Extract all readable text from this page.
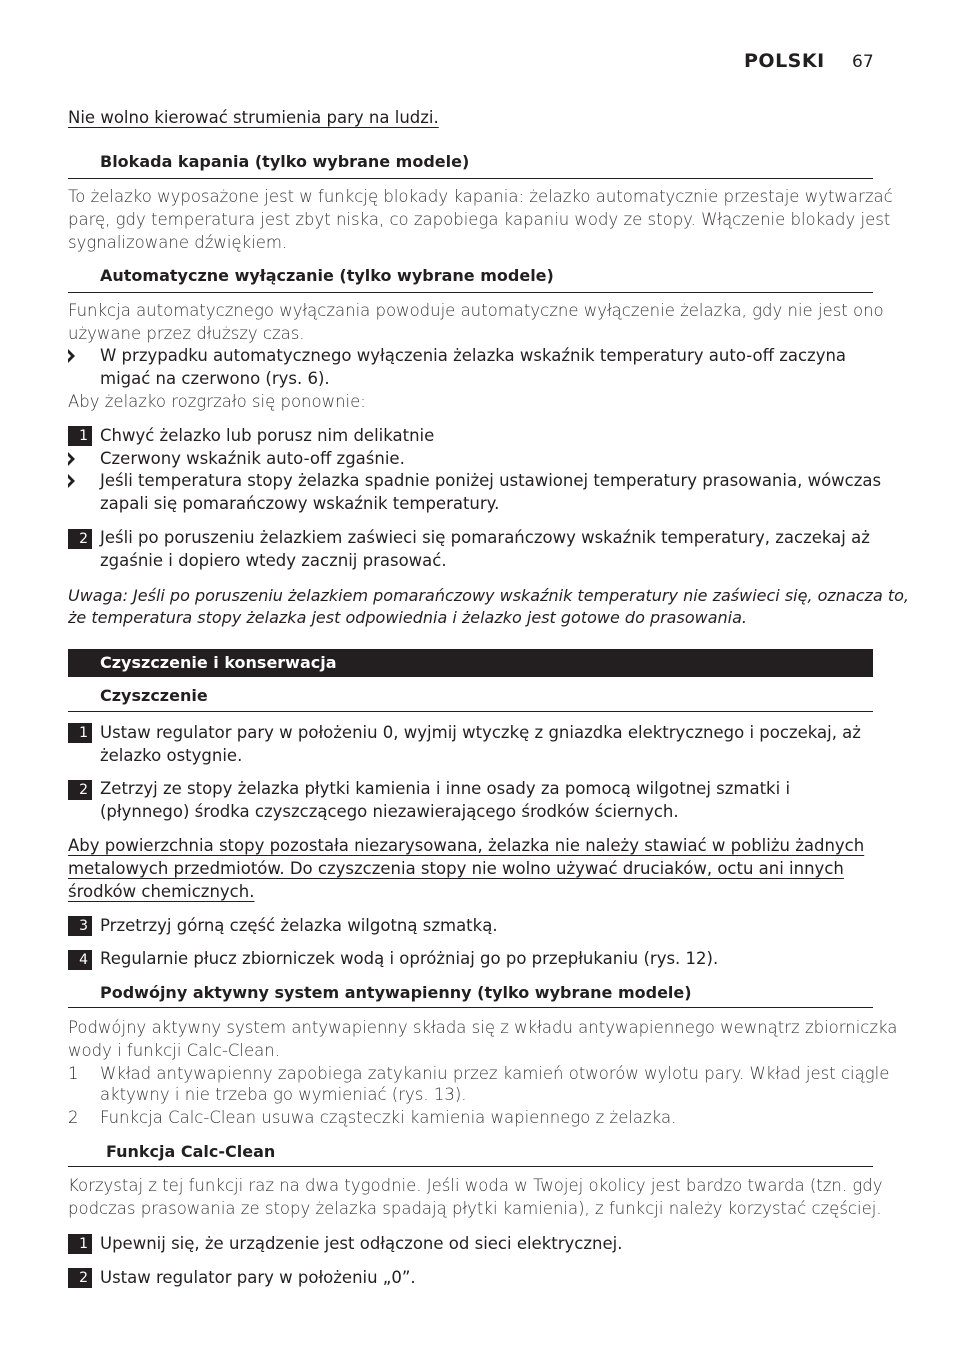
POLSKI 67
Nie wolno kierować strumienia pary na ludzi.
Blokada kapania (tylko wybrane modele)
To żelazko wyposażone jest w funkcję blokady kapania: żelazko automatycznie przestaje wytwarzać
parę, gdy temperatura jest zbyt niska, co zapobiega kapaniu wody ze stopy. Włączenie blokady jest
sygnalizowane dźwiękiem.
Automatyczne wyłączanie (tylko wybrane modele)
Funkcja automatycznego wyłączania powoduje automatyczne wyłączenie żelazka, gdy nie jest ono
używane przez dłuższy czas.
W przypadku automatycznego wyłączenia żelazka wskaźnik temperatury auto-off zaczyna
migać na czerwono (rys. 6).
Aby żelazko rozgrzało się ponownie:
1 Chwyć żelazko lub porusz nim delikatnie
Czerwony wskaźnik auto-off zgaśnie.
Jeśli temperatura stopy żelazka spadnie poniżej ustawionej temperatury prasowania, wówczas
zapali się pomarańczowy wskaźnik temperatury.
2 Jeśli po poruszeniu żelazkiem zaświeci się pomarańczowy wskaźnik temperatury, zaczekaj aż
zgaśnie i dopiero wtedy zacznij prasować.
Uwaga: Jeśli po poruszeniu żelazkiem pomarańczowy wskaźnik temperatury nie zaświeci się, oznacza to,
że temperatura stopy żelazka jest odpowiednia i żelazko jest gotowe do prasowania.
Czyszczenie i konserwacja
Czyszczenie
1 Ustaw regulator pary w położeniu 0, wyjmij wtyczkę z gniazdka elektrycznego i poczekaj, aż
żelazko ostygnie.
2 Zetrzyj ze stopy żelazka płytki kamienia i inne osady za pomocą wilgotnej szmatki i
(płynnego) środka czyszczącego niezawierającego środków ściernych.
Aby powierzchnia stopy pozostała niezarysowana, żelazka nie należy stawiać w pobliżu żadnych
metalowych przedmiotów. Do czyszczenia stopy nie wolno używać druciaków, octu ani innych
środków chemicznych.
3 Przetrzyj górną część żelazka wilgotną szmatką.
4 Regularnie płucz zbiorniczek wodą i opróżniaj go po przepłukaniu (rys. 12).
Podwójny aktywny system antywapienny (tylko wybrane modele)
Podwójny aktywny system antywapienny składa się z wkładu antywapiennego wewnątrz zbiorniczka
wody i funkcji Calc-Clean.
1 Wkład antywapienny zapobiega zatykaniu przez kamień otworów wylotu pary. Wkład jest ciągle
aktywny i nie trzeba go wymieniać (rys. 13).
2 Funkcja Calc-Clean usuwa cząsteczki kamienia wapiennego z żelazka.
Funkcja Calc-Clean
Korzystaj z tej funkcji raz na dwa tygodnie. Jeśli woda w Twojej okolicy jest bardzo twarda (tzn. gdy
podczas prasowania ze stopy żelazka spadają płytki kamienia), z funkcji należy korzystać częściej.
1 Upewnij się, że urządzenie jest odłączone od sieci elektrycznej.
2 Ustaw regulator pary w położeniu „0”.
